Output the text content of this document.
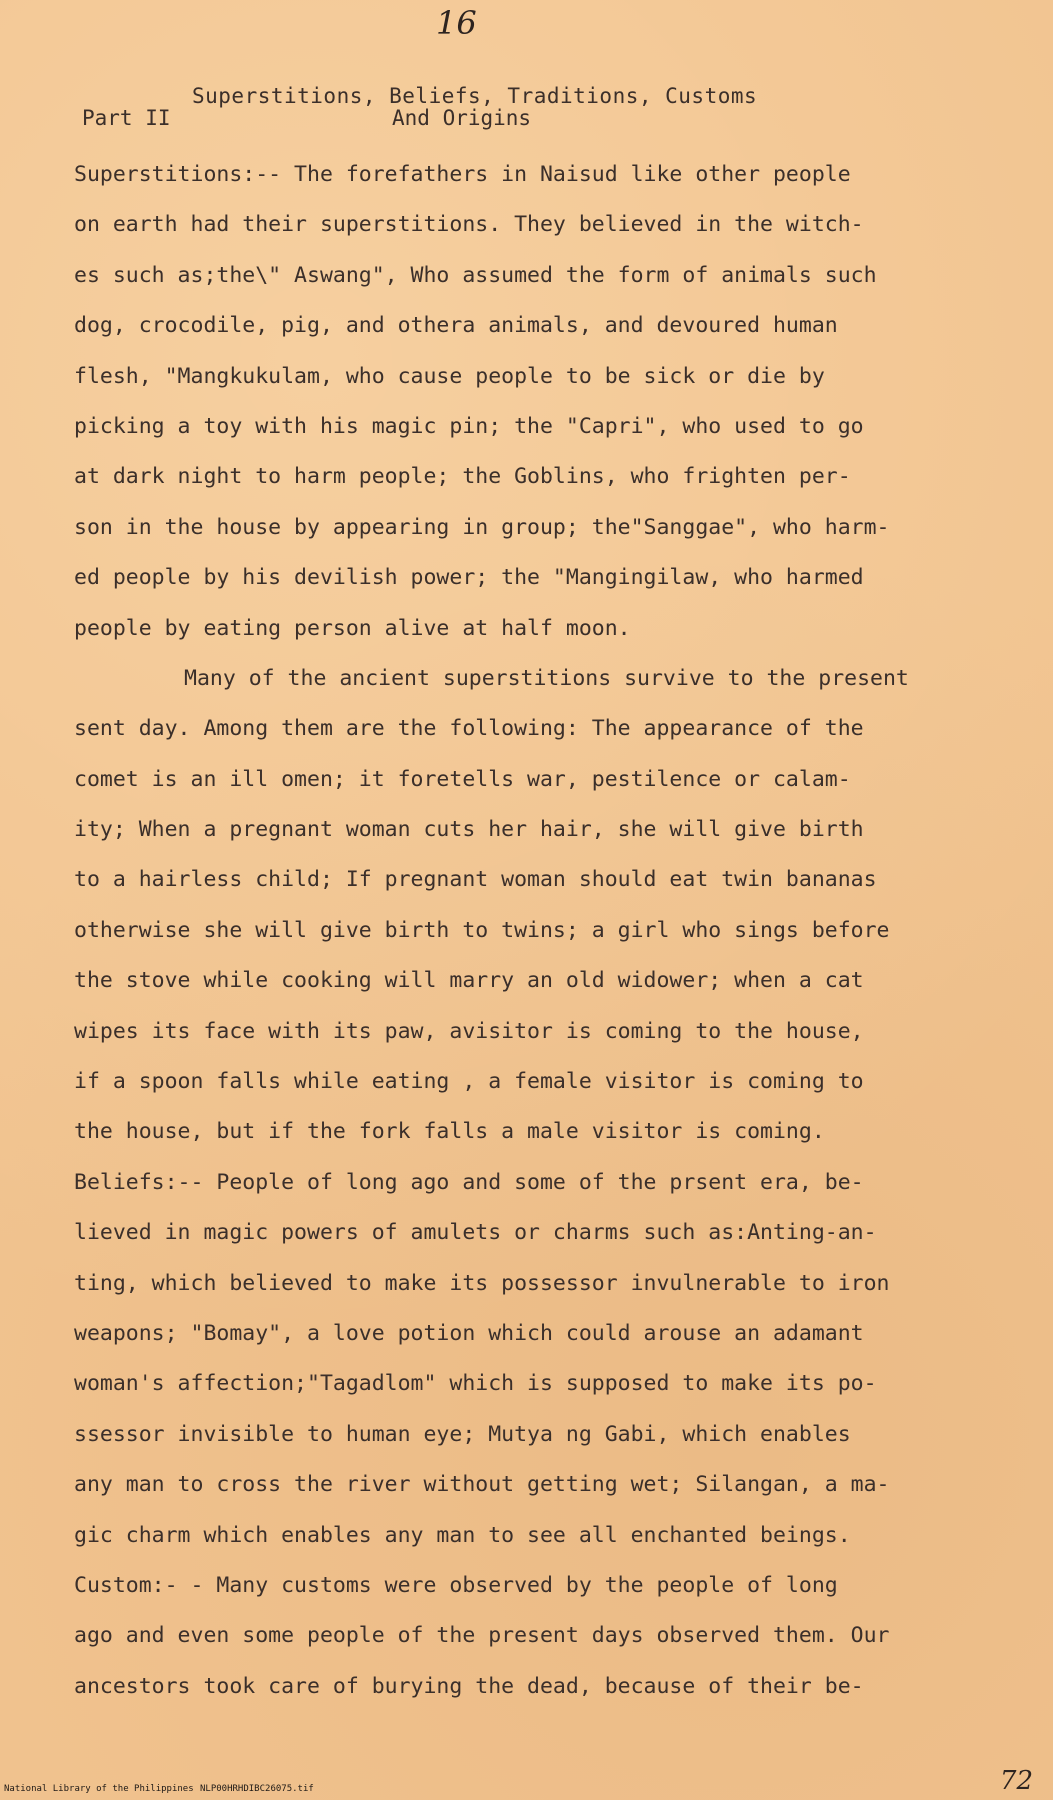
16
Superstitions, Beliefs, Traditions, Customs
Part II	And Origins
Superstitions:-- The forefathers in Naisud like other people
on earth had their superstitions. They believed in the witch-
es such as;the\" Aswang", Who assumed the form of animals such
dog, crocodile, pig, and othera animals, and devoured human
flesh, "Mangkukulam, who cause people to be sick or die by
picking a toy with his magic pin; the "Capri", who used to go
at dark night to harm people; the Goblins, who frighten per-
son in the house by appearing in group; the"Sanggae", who harm-
ed people by his devilish power; the "Mangingilaw, who harmed
people by eating person alive at half moon.
Many of the ancient superstitions survive to the present
sent day. Among them are the following: The appearance of the
comet is an ill omen; it foretells war, pestilence or calam-
ity; When a pregnant woman cuts her hair, she will give birth
to a hairless child; If pregnant woman should eat twin bananas
otherwise she will give birth to twins; a girl who sings before
the stove while cooking will marry an old widower; when a cat
wipes its face with its paw, avisitor is coming to the house,
if a spoon falls while eating , a female visitor is coming to
the house, but if the fork falls a male visitor is coming.
Beliefs:-- People of long ago and some of the prsent era, be-
lieved in magic powers of amulets or charms such as:Anting-an-
ting, which believed to make its possessor invulnerable to iron
weapons; "Bomay", a love potion which could arouse an adamant
woman's affection;"Tagadlom" which is supposed to make its po-
ssessor invisible to human eye; Mutya ng Gabi, which enables
any man to cross the river without getting wet; Silangan, a ma-
gic charm which enables any man to see all enchanted beings.
Custom:- - Many customs were observed by the people of long
ago and even some people of the present days observed them. Our
ancestors took care of burying the dead, because of their be-
National Library of the Philippines NLP00HRHDIBC26075.tif	72
